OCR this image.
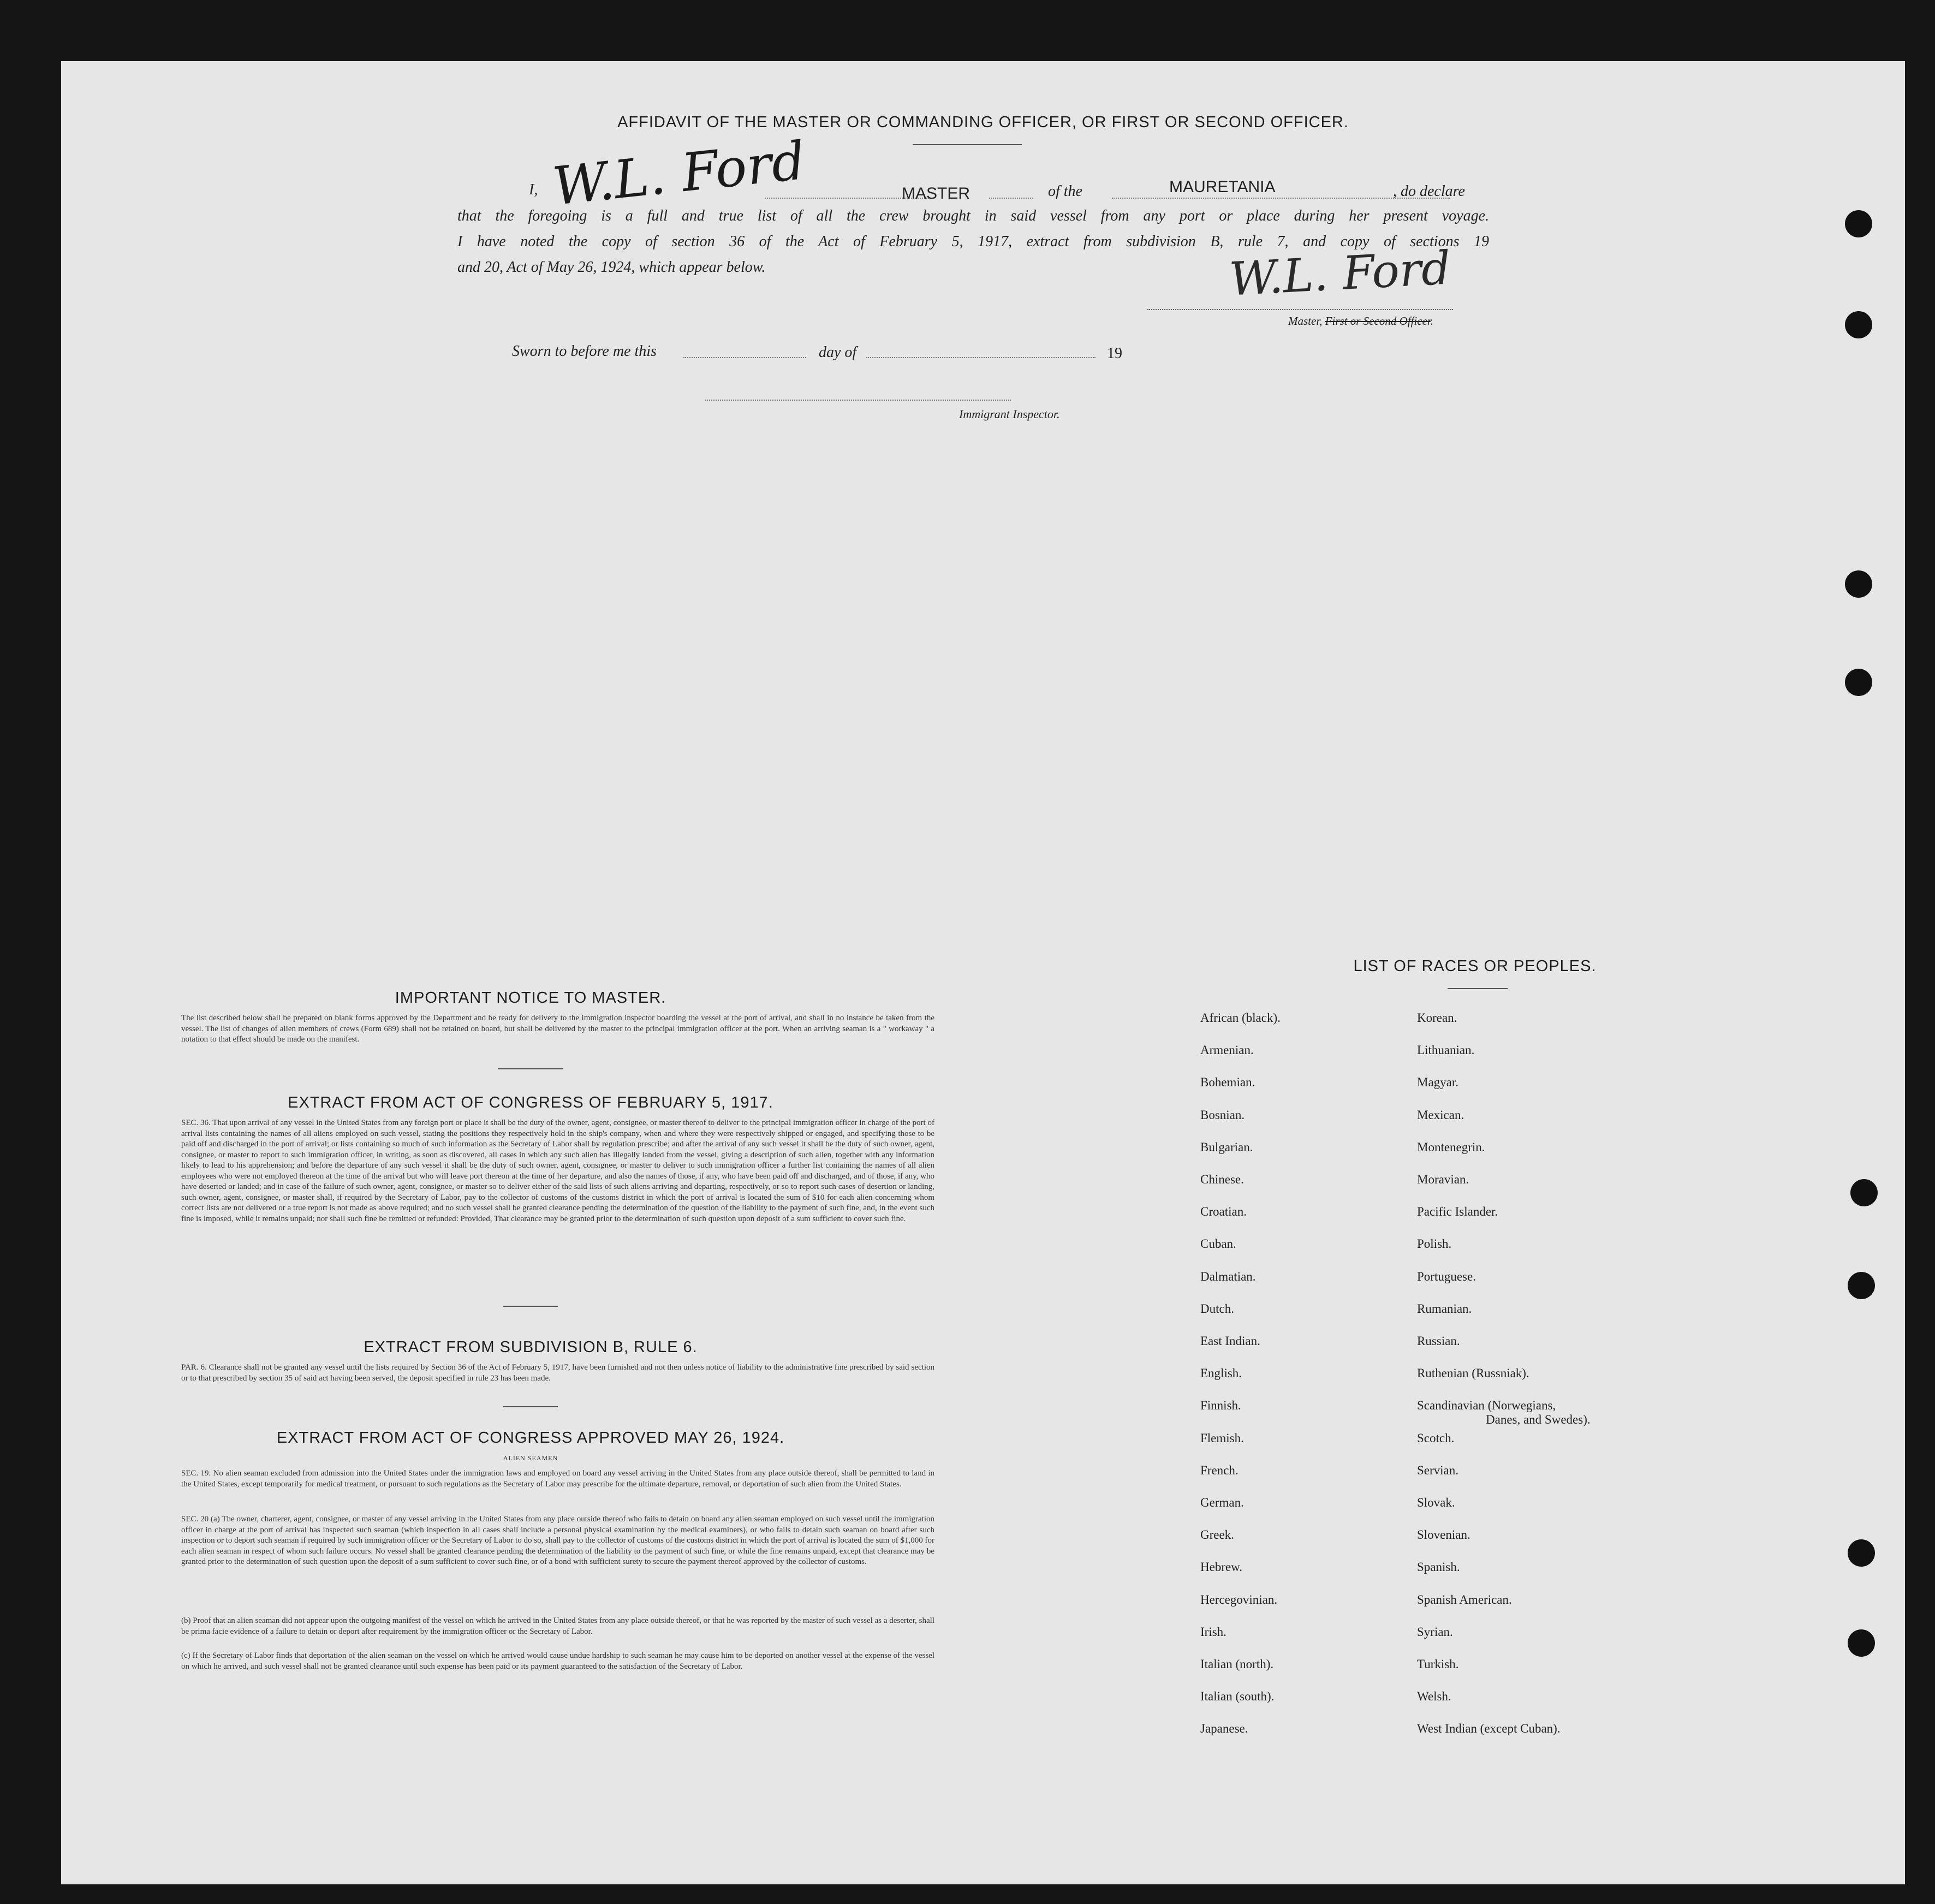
AFFIDAVIT OF THE MASTER OR COMMANDING OFFICER, OR FIRST OR SECOND OFFICER.
I, W.L. Ford	MASTER	of the	MAURETANIA	, do declare
that the foregoing is a full and true list of all the crew brought in said vessel from any port or place during her present voyage.
I have noted the copy of section 36 of the Act of February 5, 1917, extract from subdivision B, rule 7, and copy of sections 19
and 20, Act of May 26, 1924, which appear below.	W.L. Ford
Master, First or Second Officer.
Sworn to before me this	day of	19
Immigrant Inspector.
IMPORTANT NOTICE TO MASTER.
The list described below shall be prepared on blank forms approved by the Department and be ready for delivery to the immigration inspector boarding the vessel at the port of arrival, and shall in no instance be taken from the vessel. The list of changes of alien members of crews (Form 689) shall not be retained on board, but shall be delivered by the master to the principal immigration officer at the port. When an arriving seaman is a " workaway " a notation to that effect should be made on the manifest.
EXTRACT FROM ACT OF CONGRESS OF FEBRUARY 5, 1917.
SEC. 36. That upon arrival of any vessel in the United States from any foreign port or place it shall be the duty of the owner, agent, consignee, or master thereof to deliver to the principal immigration officer in charge of the port of arrival lists containing the names of all aliens employed on such vessel, stating the positions they respectively hold in the ship's company, when and where they were respectively shipped or engaged, and specifying those to be paid off and discharged in the port of arrival; or lists containing so much of such information as the Secretary of Labor shall by regulation prescribe; and after the arrival of any such vessel it shall be the duty of such owner, agent, consignee, or master to report to such immigration officer, in writing, as soon as discovered, all cases in which any such alien has illegally landed from the vessel, giving a description of such alien, together with any information likely to lead to his apprehension; and before the departure of any such vessel it shall be the duty of such owner, agent, consignee, or master to deliver to such immigration officer a further list containing the names of all alien employees who were not employed thereon at the time of the arrival but who will leave port thereon at the time of her departure, and also the names of those, if any, who have been paid off and discharged, and of those, if any, who have deserted or landed; and in case of the failure of such owner, agent, consignee, or master so to deliver either of the said lists of such aliens arriving and departing, respectively, or so to report such cases of desertion or landing, such owner, agent, consignee, or master shall, if required by the Secretary of Labor, pay to the collector of customs of the customs district in which the port of arrival is located the sum of $10 for each alien concerning whom correct lists are not delivered or a true report is not made as above required; and no such vessel shall be granted clearance pending the determination of the question of the liability to the payment of such fine, and, in the event such fine is imposed, while it remains unpaid; nor shall such fine be remitted or refunded: Provided, That clearance may be granted prior to the determination of such question upon deposit of a sum sufficient to cover such fine.
EXTRACT FROM SUBDIVISION B, RULE 6.
PAR. 6. Clearance shall not be granted any vessel until the lists required by Section 36 of the Act of February 5, 1917, have been furnished and not then unless notice of liability to the administrative fine prescribed by said section or to that prescribed by section 35 of said act having been served, the deposit specified in rule 23 has been made.
EXTRACT FROM ACT OF CONGRESS APPROVED MAY 26, 1924.
ALIEN SEAMEN
SEC. 19. No alien seaman excluded from admission into the United States under the immigration laws and employed on board any vessel arriving in the United States from any place outside thereof, shall be permitted to land in the United States, except temporarily for medical treatment, or pursuant to such regulations as the Secretary of Labor may prescribe for the ultimate departure, removal, or deportation of such alien from the United States.
SEC. 20 (a) The owner, charterer, agent, consignee, or master of any vessel arriving in the United States from any place outside thereof who fails to detain on board any alien seaman employed on such vessel until the immigration officer in charge at the port of arrival has inspected such seaman (which inspection in all cases shall include a personal physical examination by the medical examiners), or who fails to detain such seaman on board after such inspection or to deport such seaman if required by such immigration officer or the Secretary of Labor to do so, shall pay to the collector of customs of the customs district in which the port of arrival is located the sum of $1,000 for each alien seaman in respect of whom such failure occurs. No vessel shall be granted clearance pending the determination of the liability to the payment of such fine, or while the fine remains unpaid, except that clearance may be granted prior to the determination of such question upon the deposit of a sum sufficient to cover such fine, or of a bond with sufficient surety to secure the payment thereof approved by the collector of customs.
(b) Proof that an alien seaman did not appear upon the outgoing manifest of the vessel on which he arrived in the United States from any place outside thereof, or that he was reported by the master of such vessel as a deserter, shall be prima facie evidence of a failure to detain or deport after requirement by the immigration officer or the Secretary of Labor.
(c) If the Secretary of Labor finds that deportation of the alien seaman on the vessel on which he arrived would cause undue hardship to such seaman he may cause him to be deported on another vessel at the expense of the vessel on which he arrived, and such vessel shall not be granted clearance until such expense has been paid or its payment guaranteed to the satisfaction of the Secretary of Labor.
LIST OF RACES OR PEOPLES.
African (black).
Armenian.
Bohemian.
Bosnian.
Bulgarian.
Chinese.
Croatian.
Cuban.
Dalmatian.
Dutch.
East Indian.
English.
Finnish.
Flemish.
French.
German.
Greek.
Hebrew.
Hercegovinian.
Irish.
Italian (north).
Italian (south).
Japanese.
Korean.
Lithuanian.
Magyar.
Mexican.
Montenegrin.
Moravian.
Pacific Islander.
Polish.
Portuguese.
Rumanian.
Russian.
Ruthenian (Russniak).
Scandinavian (Norwegians,
Scotch.
Servian.
Slovak.
Slovenian.
Spanish.
Spanish American.
Syrian.
Turkish.
Welsh.
West Indian (except Cuban).
Danes, and Swedes).
